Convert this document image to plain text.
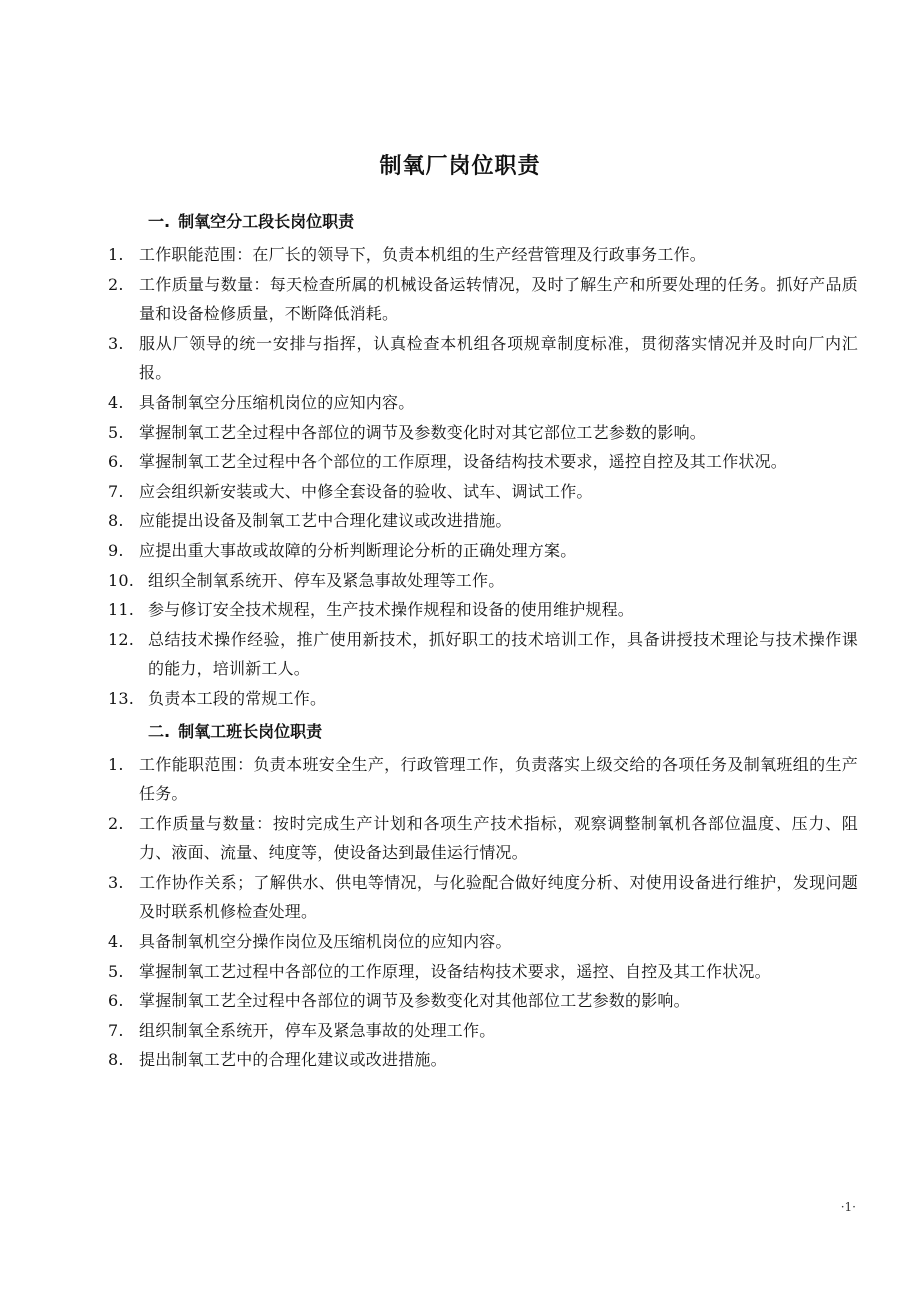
制氧厂岗位职责
一. 制氧空分工段长岗位职责
1. 工作职能范围：在厂长的领导下，负责本机组的生产经营管理及行政事务工作。
2. 工作质量与数量：每天检查所属的机械设备运转情况，及时了解生产和所要处理的任务。抓好产品质量和设备检修质量，不断降低消耗。
3. 服从厂领导的统一安排与指挥，认真检查本机组各项规章制度标准，贯彻落实情况并及时向厂内汇报。
4. 具备制氧空分压缩机岗位的应知内容。
5. 掌握制氧工艺全过程中各部位的调节及参数变化时对其它部位工艺参数的影响。
6. 掌握制氧工艺全过程中各个部位的工作原理，设备结构技术要求，遥控自控及其工作状况。
7. 应会组织新安装或大、中修全套设备的验收、试车、调试工作。
8. 应能提出设备及制氧工艺中合理化建议或改进措施。
9. 应提出重大事故或故障的分析判断理论分析的正确处理方案。
10. 组织全制氧系统开、停车及紧急事故处理等工作。
11. 参与修订安全技术规程，生产技术操作规程和设备的使用维护规程。
12. 总结技术操作经验，推广使用新技术，抓好职工的技术培训工作，具备讲授技术理论与技术操作课的能力，培训新工人。
13. 负责本工段的常规工作。
二. 制氧工班长岗位职责
1. 工作能职范围：负责本班安全生产，行政管理工作，负责落实上级交给的各项任务及制氧班组的生产任务。
2. 工作质量与数量：按时完成生产计划和各项生产技术指标，观察调整制氧机各部位温度、压力、阻力、液面、流量、纯度等，使设备达到最佳运行情况。
3. 工作协作关系；了解供水、供电等情况，与化验配合做好纯度分析、对使用设备进行维护，发现问题及时联系机修检查处理。
4. 具备制氧机空分操作岗位及压缩机岗位的应知内容。
5. 掌握制氧工艺过程中各部位的工作原理，设备结构技术要求，遥控、自控及其工作状况。
6. 掌握制氧工艺全过程中各部位的调节及参数变化对其他部位工艺参数的影响。
7. 组织制氧全系统开，停车及紧急事故的处理工作。
8. 提出制氧工艺中的合理化建议或改进措施。
·1·
